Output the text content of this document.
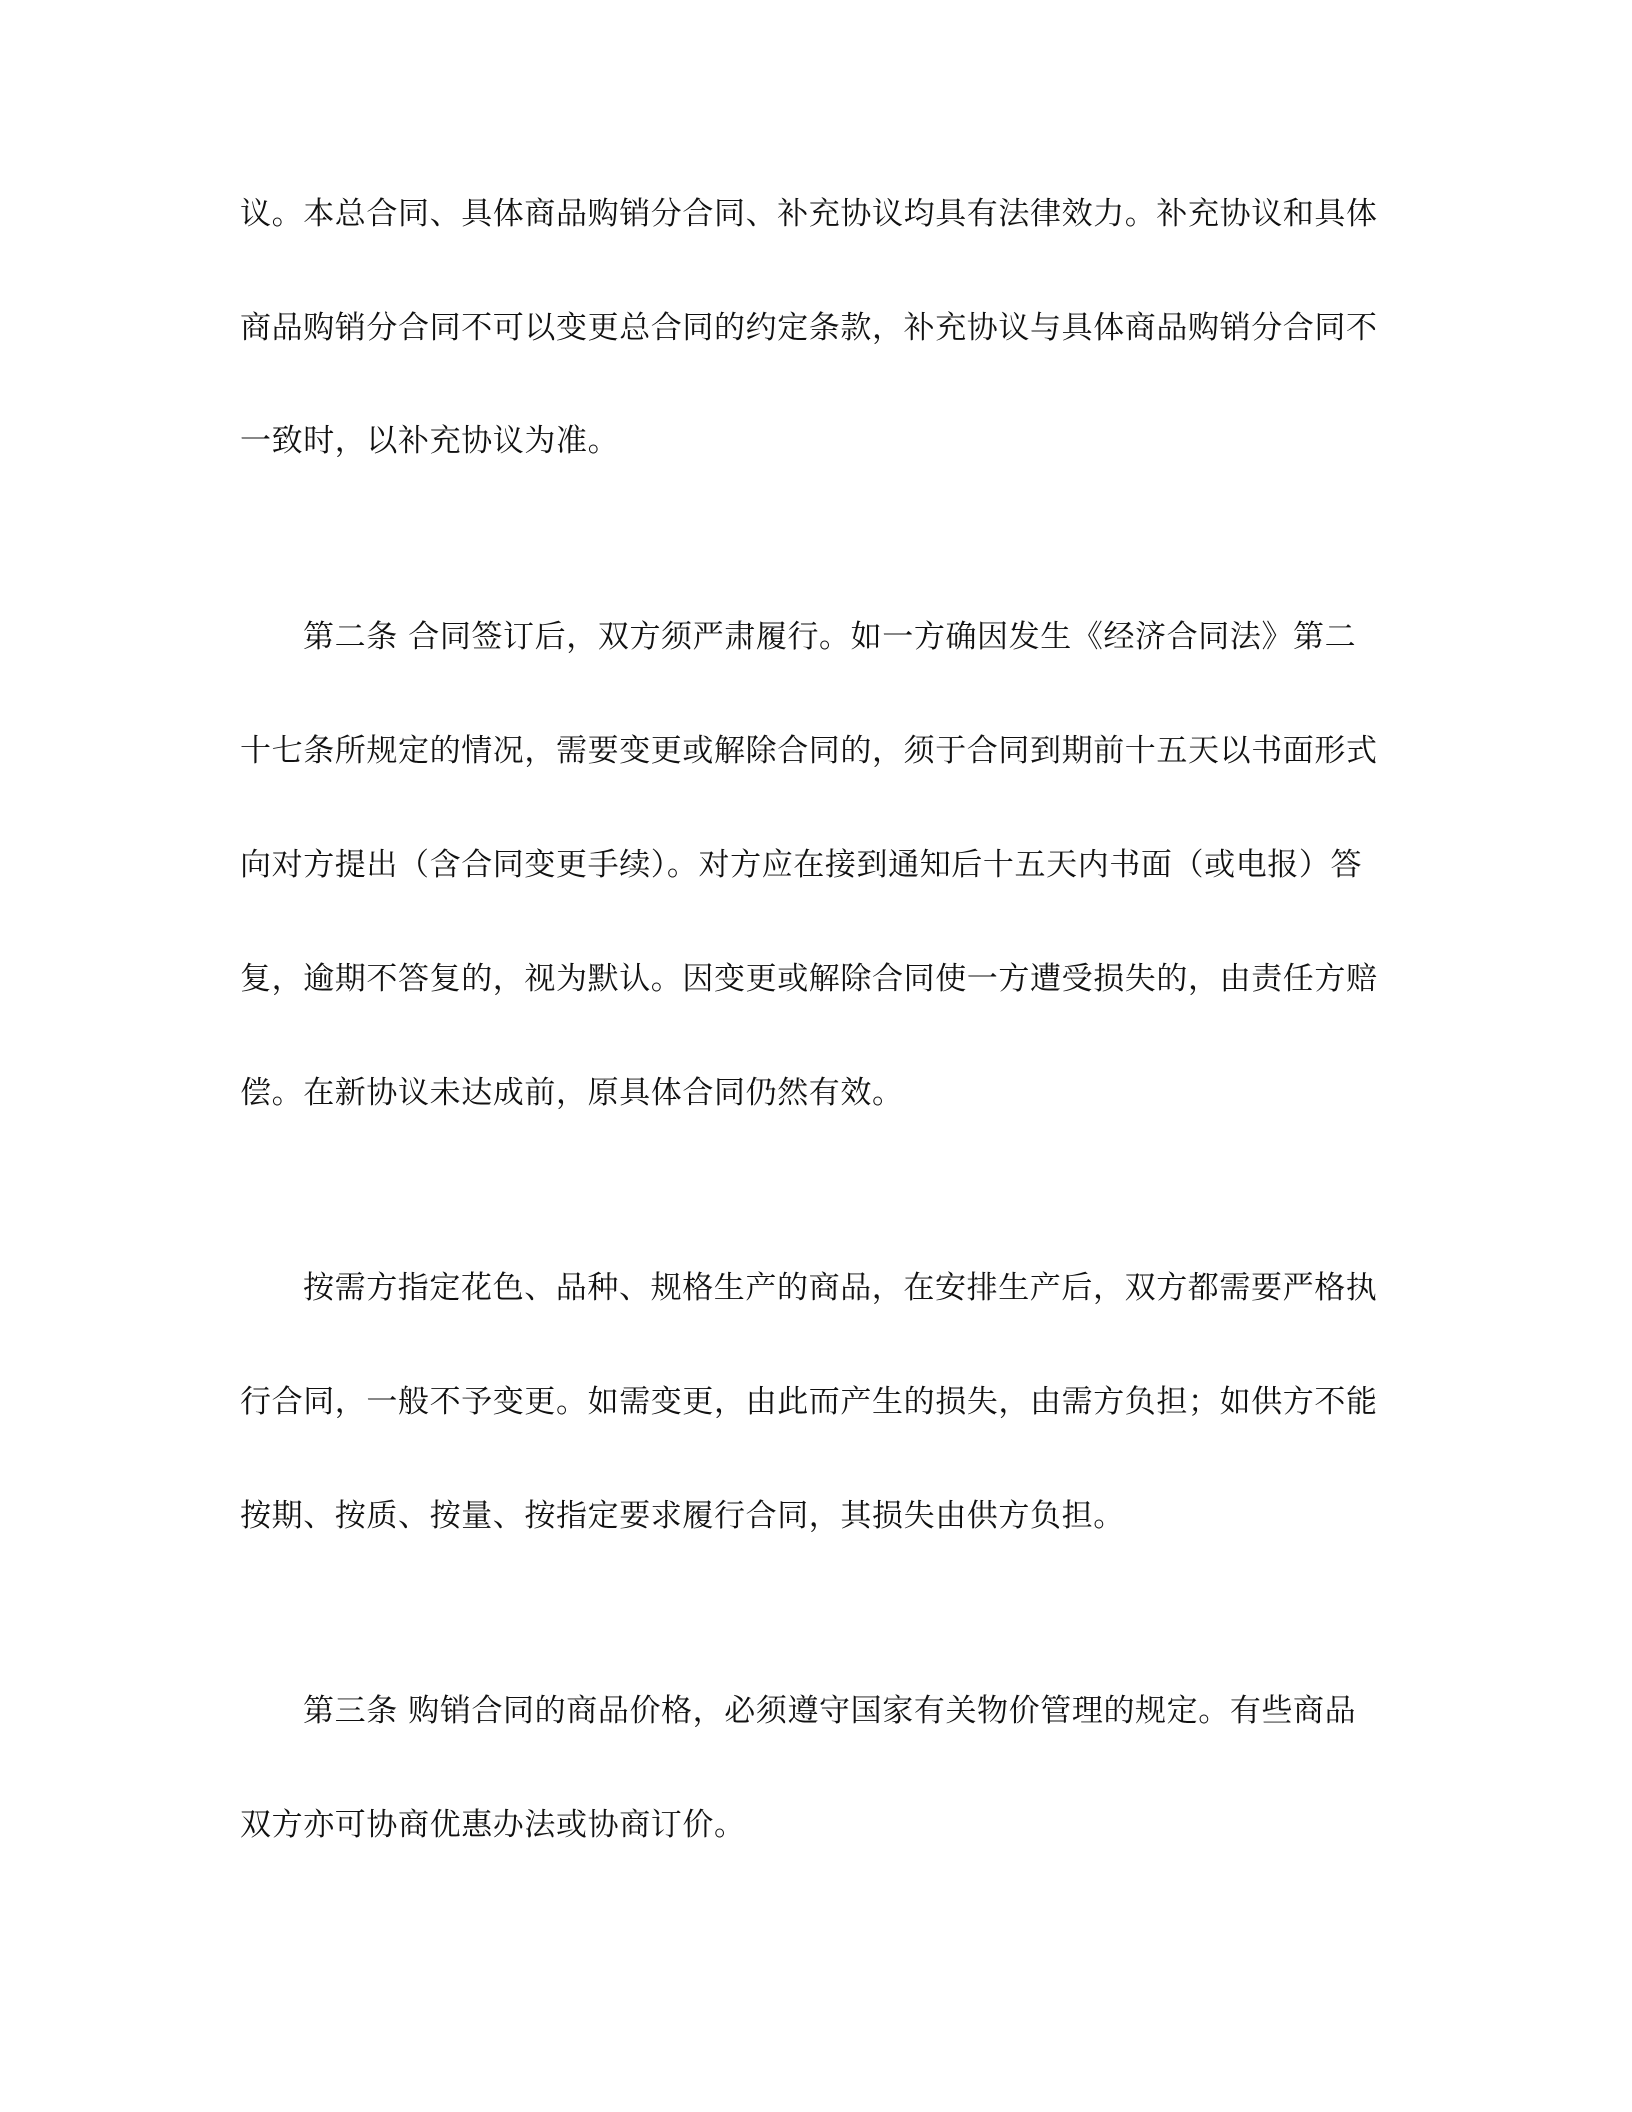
议。本总合同、具体商品购销分合同、补充协议均具有法律效力。补充协议和具体
商品购销分合同不可以变更总合同的约定条款，补充协议与具体商品购销分合同不
一致时，以补充协议为准。
第二条 合同签订后，双方须严肃履行。如一方确因发生《经济合同法》第二
十七条所规定的情况，需要变更或解除合同的，须于合同到期前十五天以书面形式
向对方提出（含合同变更手续）。对方应在接到通知后十五天内书面（或电报）答
复，逾期不答复的，视为默认。因变更或解除合同使一方遭受损失的，由责任方赔
偿。在新协议未达成前，原具体合同仍然有效。
按需方指定花色、品种、规格生产的商品，在安排生产后，双方都需要严格执
行合同，一般不予变更。如需变更，由此而产生的损失，由需方负担；如供方不能
按期、按质、按量、按指定要求履行合同，其损失由供方负担。
第三条 购销合同的商品价格，必须遵守国家有关物价管理的规定。有些商品
双方亦可协商优惠办法或协商订价。
